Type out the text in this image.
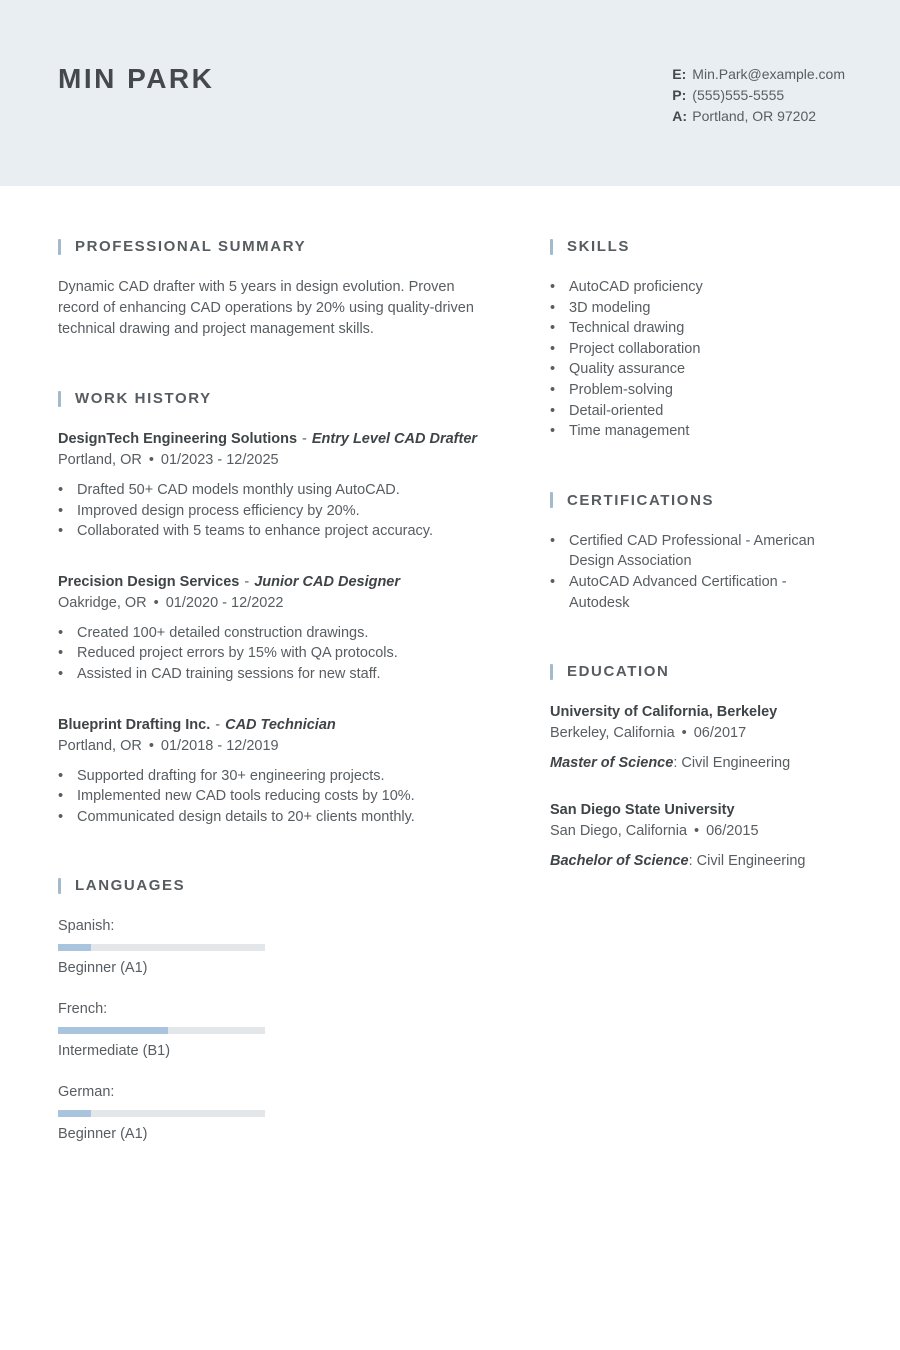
MIN PARK	E: Min.Park@example.com
P: (555)555-5555
A: Portland, OR 97202
PROFESSIONAL SUMMARY

Dynamic CAD drafter with 5 years in design evolution. Proven record of enhancing CAD operations by 20% using quality-driven technical drawing and project management skills.

WORK HISTORY
DesignTech Engineering Solutions - Entry Level CAD Drafter
Portland, OR • 01/2023 - 12/2025
• Drafted 50+ CAD models monthly using AutoCAD.
• Improved design process efficiency by 20%.
• Collaborated with 5 teams to enhance project accuracy.
Precision Design Services - Junior CAD Designer
Oakridge, OR • 01/2020 - 12/2022
• Created 100+ detailed construction drawings.
• Reduced project errors by 15% with QA protocols.
• Assisted in CAD training sessions for new staff.
Blueprint Drafting Inc. - CAD Technician
Portland, OR • 01/2018 - 12/2019
• Supported drafting for 30+ engineering projects.
• Implemented new CAD tools reducing costs by 10%.
• Communicated design details to 20+ clients monthly.
LANGUAGES
Spanish:
Beginner (A1)
French:
Intermediate (B1)
German:
Beginner (A1)
SKILLS
• AutoCAD proficiency
• 3D modeling
• Technical drawing
• Project collaboration
• Quality assurance
• Problem-solving
• Detail-oriented
• Time management
CERTIFICATIONS
• Certified CAD Professional - American Design Association
• AutoCAD Advanced Certification - Autodesk
EDUCATION
University of California, Berkeley
Berkeley, California • 06/2017
Master of Science: Civil Engineering
San Diego State University
San Diego, California • 06/2015
Bachelor of Science: Civil Engineering
